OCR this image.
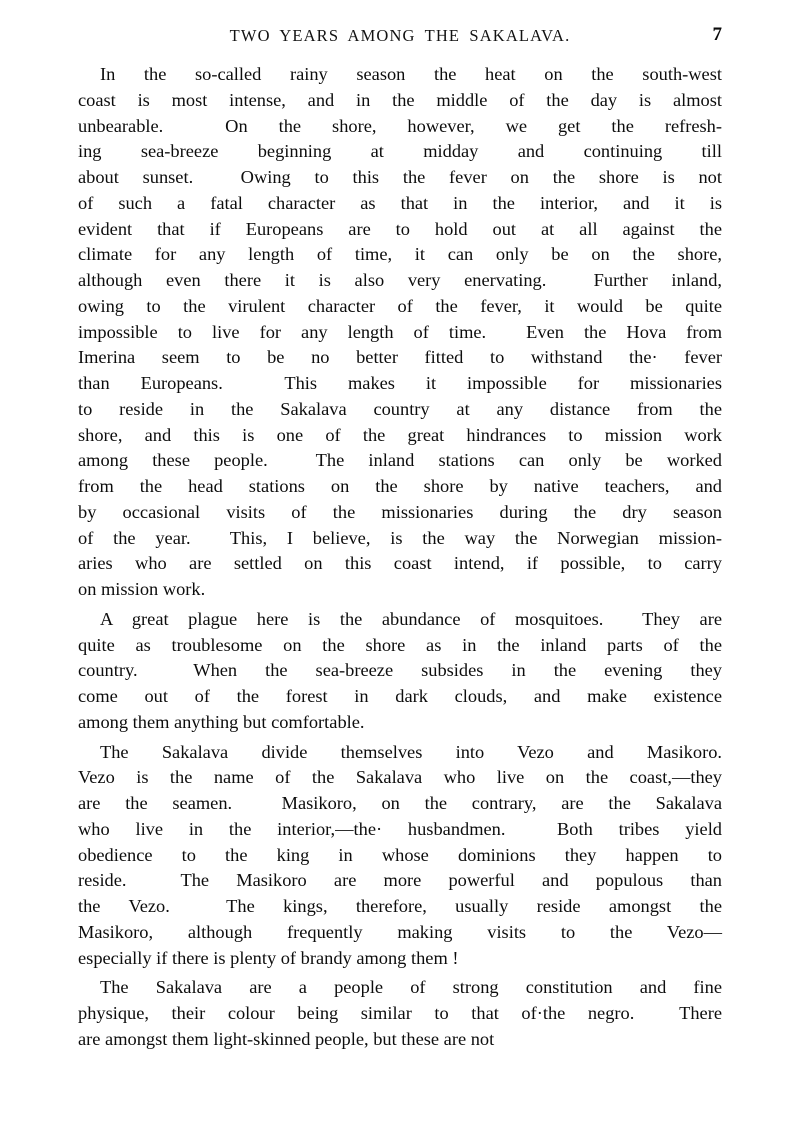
TWO YEARS AMONG THE SAKALAVA.	7

In the so-called rainy season the heat on the south-west
coast is most intense, and in the middle of the day is almost
unbearable.  On the shore, however, we get the refresh-
ing sea-breeze beginning at midday and continuing till
about sunset.  Owing to this the fever on the shore is not
of such a fatal character as that in the interior, and it is
evident that if Europeans are to hold out at all against the
climate for any length of time, it can only be on the shore,
although even there it is also very enervating.  Further inland,
owing to the virulent character of the fever, it would be quite
impossible to live for any length of time.  Even the Hova from
Imerina seem to be no better fitted to withstand the· fever
than Europeans.  This makes it impossible for missionaries
to reside in the Sakalava country at any distance from the
shore, and this is one of the great hindrances to mission work
among these people.  The inland stations can only be worked
from the head stations on the shore by native teachers, and
by occasional visits of the missionaries during the dry season
of the year.  This, I believe, is the way the Norwegian mission-
aries who are settled on this coast intend, if possible, to carry
on mission work.

A great plague here is the abundance of mosquitoes.  They are
quite as troublesome on the shore as in the inland parts of the
country.  When the sea-breeze subsides in the evening they
come out of the forest in dark clouds, and make existence
among them anything but comfortable.

The Sakalava divide themselves into Vezo and Masikoro.
Vezo is the name of the Sakalava who live on the coast,—they
are the seamen.  Masikoro, on the contrary, are the Sakalava
who live in the interior,—the· husbandmen.  Both tribes yield
obedience to the king in whose dominions they happen to
reside.  The Masikoro are more powerful and populous than
the Vezo.  The kings, therefore, usually reside amongst the
Masikoro, although frequently making visits to the Vezo—
especially if there is plenty of brandy among them !

The Sakalava are a people of strong constitution and fine
physique, their colour being similar to that of·the negro.  There
are amongst them light-skinned people, but these are not
